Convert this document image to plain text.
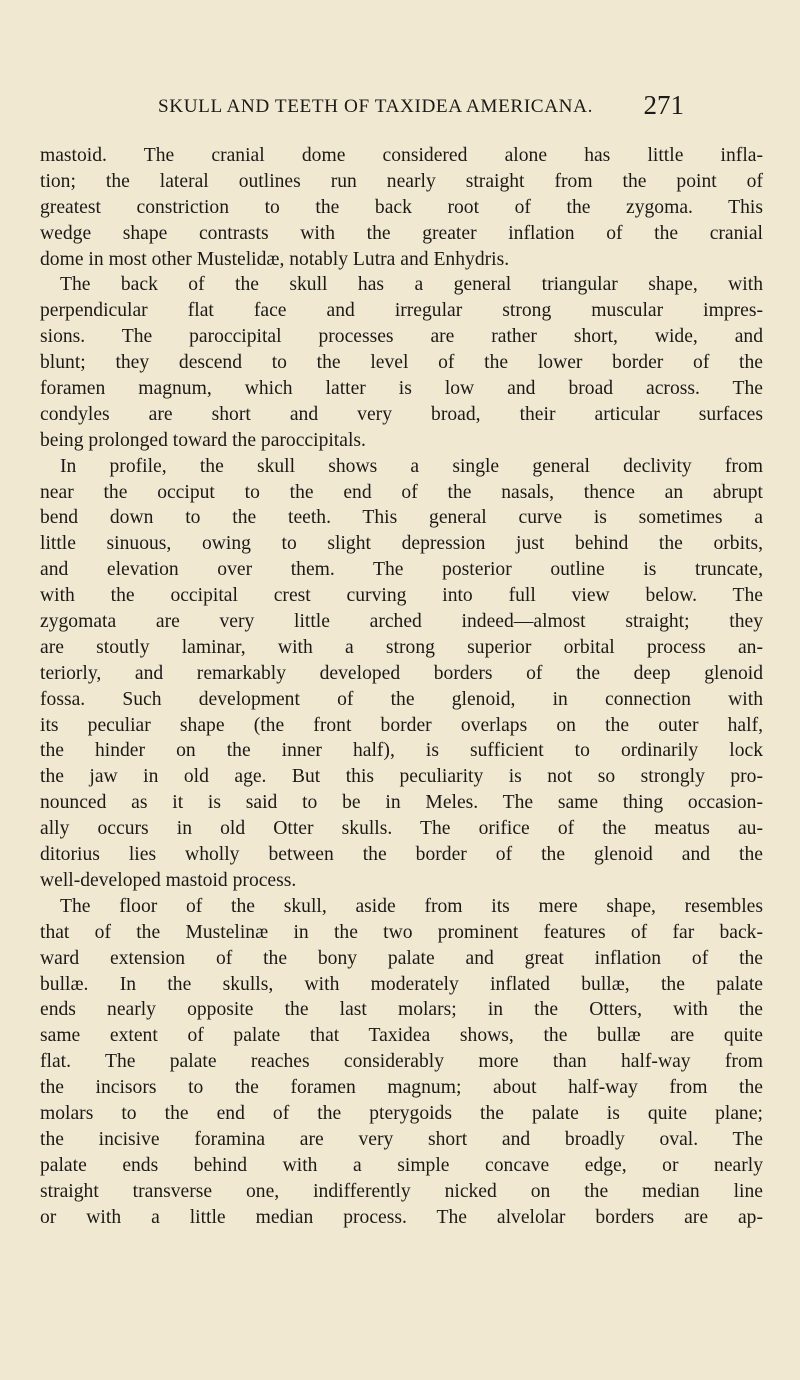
SKULL AND TEETH OF TAXIDEA AMERICANA. 271
mastoid. The cranial dome considered alone has little infla-
tion; the lateral outlines run nearly straight from the point of
greatest constriction to the back root of the zygoma. This
wedge shape contrasts with the greater inflation of the cranial
dome in most other Mustelidæ, notably Lutra and Enhydris.
The back of the skull has a general triangular shape, with
perpendicular flat face and irregular strong muscular impres-
sions. The paroccipital processes are rather short, wide, and
blunt; they descend to the level of the lower border of the
foramen magnum, which latter is low and broad across. The
condyles are short and very broad, their articular surfaces
being prolonged toward the paroccipitals.
In profile, the skull shows a single general declivity from
near the occiput to the end of the nasals, thence an abrupt
bend down to the teeth. This general curve is sometimes a
little sinuous, owing to slight depression just behind the orbits,
and elevation over them. The posterior outline is truncate,
with the occipital crest curving into full view below. The
zygomata are very little arched indeed—almost straight; they
are stoutly laminar, with a strong superior orbital process an-
teriorly, and remarkably developed borders of the deep glenoid
fossa. Such development of the glenoid, in connection with
its peculiar shape (the front border overlaps on the outer half,
the hinder on the inner half), is sufficient to ordinarily lock
the jaw in old age. But this peculiarity is not so strongly pro-
nounced as it is said to be in Meles. The same thing occasion-
ally occurs in old Otter skulls. The orifice of the meatus au-
ditorius lies wholly between the border of the glenoid and the
well-developed mastoid process.
The floor of the skull, aside from its mere shape, resembles
that of the Mustelinæ in the two prominent features of far back-
ward extension of the bony palate and great inflation of the
bullæ. In the skulls, with moderately inflated bullæ, the palate
ends nearly opposite the last molars; in the Otters, with the
same extent of palate that Taxidea shows, the bullæ are quite
flat. The palate reaches considerably more than half-way from
the incisors to the foramen magnum; about half-way from the
molars to the end of the pterygoids the palate is quite plane;
the incisive foramina are very short and broadly oval. The
palate ends behind with a simple concave edge, or nearly
straight transverse one, indifferently nicked on the median line
or with a little median process. The alvelolar borders are ap-
